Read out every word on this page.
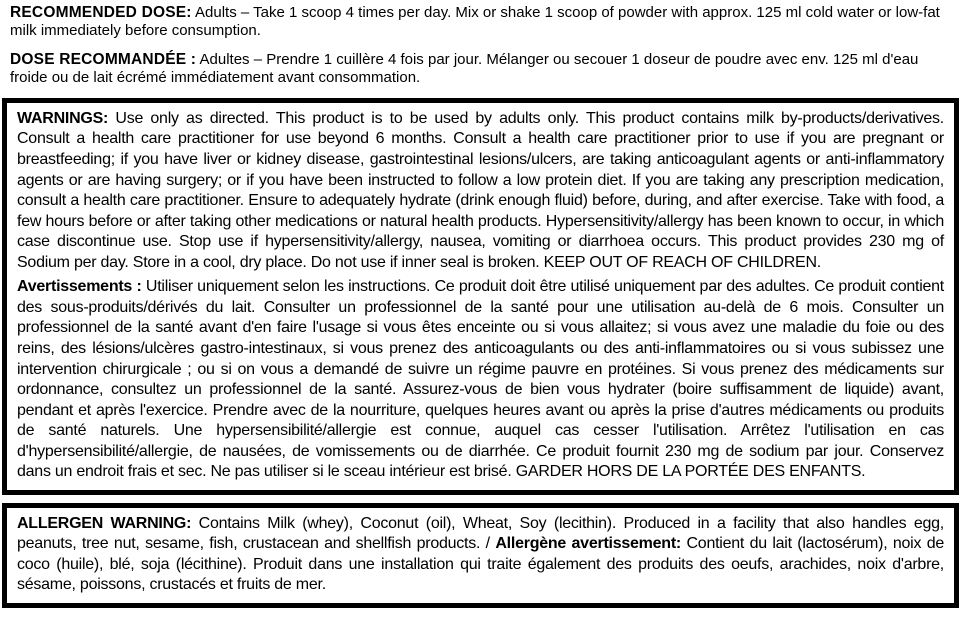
RECOMMENDED DOSE: Adults – Take 1 scoop 4 times per day. Mix or shake 1 scoop of powder with approx. 125 ml cold water or low-fat milk immediately before consumption.

DOSE RECOMMANDÉE : Adultes – Prendre 1 cuillère 4 fois par jour. Mélanger ou secouer 1 doseur de poudre avec env. 125 ml d'eau froide ou de lait écrémé immédiatement avant consommation.

WARNINGS: Use only as directed. This product is to be used by adults only. This product contains milk by-products/derivatives. Consult a health care practitioner for use beyond 6 months. Consult a health care practitioner prior to use if you are pregnant or breastfeeding; if you have liver or kidney disease, gastrointestinal lesions/ulcers, are taking anticoagulant agents or anti-inflammatory agents or are having surgery; or if you have been instructed to follow a low protein diet. If you are taking any prescription medication, consult a health care practitioner. Ensure to adequately hydrate (drink enough fluid) before, during, and after exercise. Take with food, a few hours before or after taking other medications or natural health products. Hypersensitivity/allergy has been known to occur, in which case discontinue use. Stop use if hypersensitivity/allergy, nausea, vomiting or diarrhoea occurs. This product provides 230 mg of Sodium per day. Store in a cool, dry place. Do not use if inner seal is broken. KEEP OUT OF REACH OF CHILDREN.

Avertissements : Utiliser uniquement selon les instructions. Ce produit doit être utilisé uniquement par des adultes. Ce produit contient des sous-produits/dérivés du lait. Consulter un professionnel de la santé pour une utilisation au-delà de 6 mois. Consulter un professionnel de la santé avant d'en faire l'usage si vous êtes enceinte ou si vous allaitez; si vous avez une maladie du foie ou des reins, des lésions/ulcères gastro-intestinaux, si vous prenez des anticoagulants ou des anti-inflammatoires ou si vous subissez une intervention chirurgicale ; ou si on vous a demandé de suivre un régime pauvre en protéines. Si vous prenez des médicaments sur ordonnance, consultez un professionnel de la santé. Assurez-vous de bien vous hydrater (boire suffisamment de liquide) avant, pendant et après l'exercice. Prendre avec de la nourriture, quelques heures avant ou après la prise d'autres médicaments ou produits de santé naturels. Une hypersensibilité/allergie est connue, auquel cas cesser l'utilisation. Arrêtez l'utilisation en cas d'hypersensibilité/allergie, de nausées, de vomissements ou de diarrhée. Ce produit fournit 230 mg de sodium par jour. Conservez dans un endroit frais et sec. Ne pas utiliser si le sceau intérieur est brisé. GARDER HORS DE LA PORTÉE DES ENFANTS.

ALLERGEN WARNING: Contains Milk (whey), Coconut (oil), Wheat, Soy (lecithin). Produced in a facility that also handles egg, peanuts, tree nut, sesame, fish, crustacean and shellfish products. / Allergène avertissement: Contient du lait (lactosérum), noix de coco (huile), blé, soja (lécithine). Produit dans une installation qui traite également des produits des oeufs, arachides, noix d'arbre, sésame, poissons, crustacés et fruits de mer.
